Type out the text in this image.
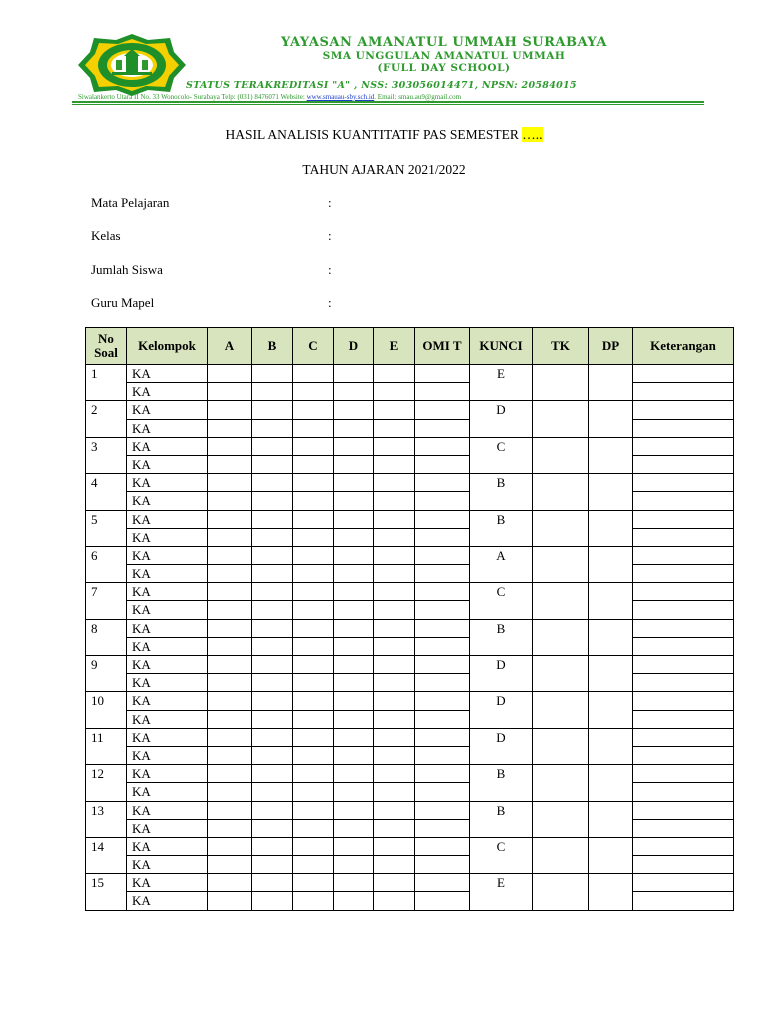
YAYASAN AMANATUL UMMAH SURABAYA
SMA UNGGULAN AMANATUL UMMAH
(FULL DAY SCHOOL)
STATUS TERAKREDITASI "A" , NSS: 303056014471, NPSN: 20584015
Siwalankerto Utara II No. 33 Wonocolo- Surabaya Telp: (031) 8476071 Website: www.smauau-sby.sch.id. Email: smau.au9@gmail.com
HASIL ANALISIS KUANTITATIF PAS SEMESTER …..
TAHUN AJARAN 2021/2022
Mata Pelajaran	:
Kelas	:
Jumlah Siswa	:
Guru Mapel	:
No Soal	Kelompok	A	B	C	D	E	OMI T	KUNCI	TK	DP	Keterangan
1	KA							E			
	KA										
2	KA							D			
	KA										
3	KA							C			
	KA										
4	KA							B			
	KA										
5	KA							B			
	KA										
6	KA							A			
	KA										
7	KA							C			
	KA										
8	KA							B			
	KA										
9	KA							D			
	KA										
10	KA							D			
	KA										
11	KA							D			
	KA										
12	KA							B			
	KA										
13	KA							B			
	KA										
14	KA							C			
	KA										
15	KA							E			
	KA										
